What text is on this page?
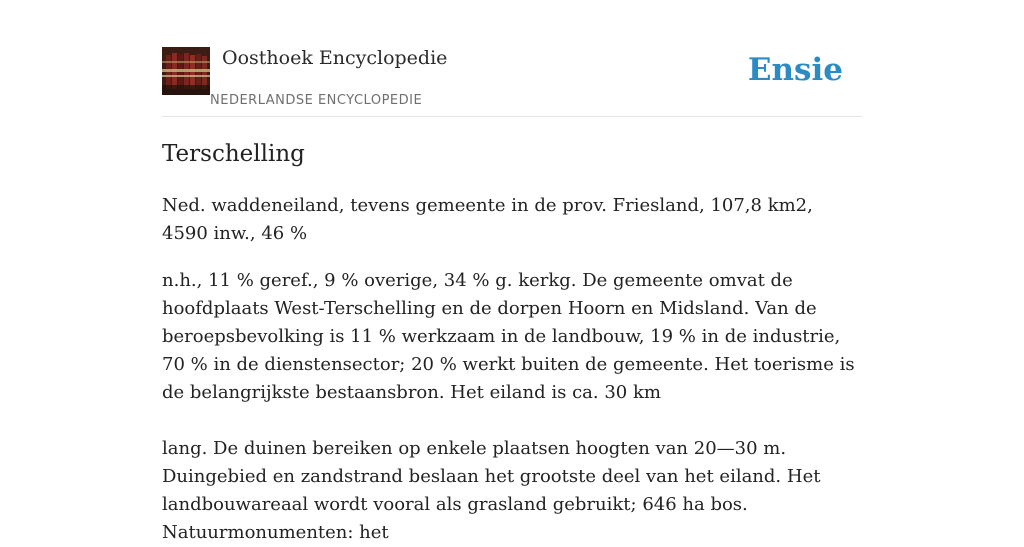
Oosthoek Encyclopedie
NEDERLANDSE ENCYCLOPEDIE
Ensie
Terschelling

Ned. waddeneiland, tevens gemeente in de prov. Friesland, 107,8 km2, 4590 inw., 46 %

n.h., 11 % geref., 9 % overige, 34 % g. kerkg. De gemeente omvat de hoofdplaats West-Terschelling en de dorpen Hoorn en Midsland. Van de beroepsbevolking is 11 % werkzaam in de landbouw, 19 % in de industrie, 70 % in de dienstensector; 20 % werkt buiten de gemeente. Het toerisme is de belangrijkste bestaansbron. Het eiland is ca. 30 km

lang. De duinen bereiken op enkele plaatsen hoogten van 20—30 m. Duingebied en zandstrand beslaan het grootste deel van het eiland. Het landbouwareaal wordt vooral als grasland gebruikt; 646 ha bos. Natuurmonumenten: het
